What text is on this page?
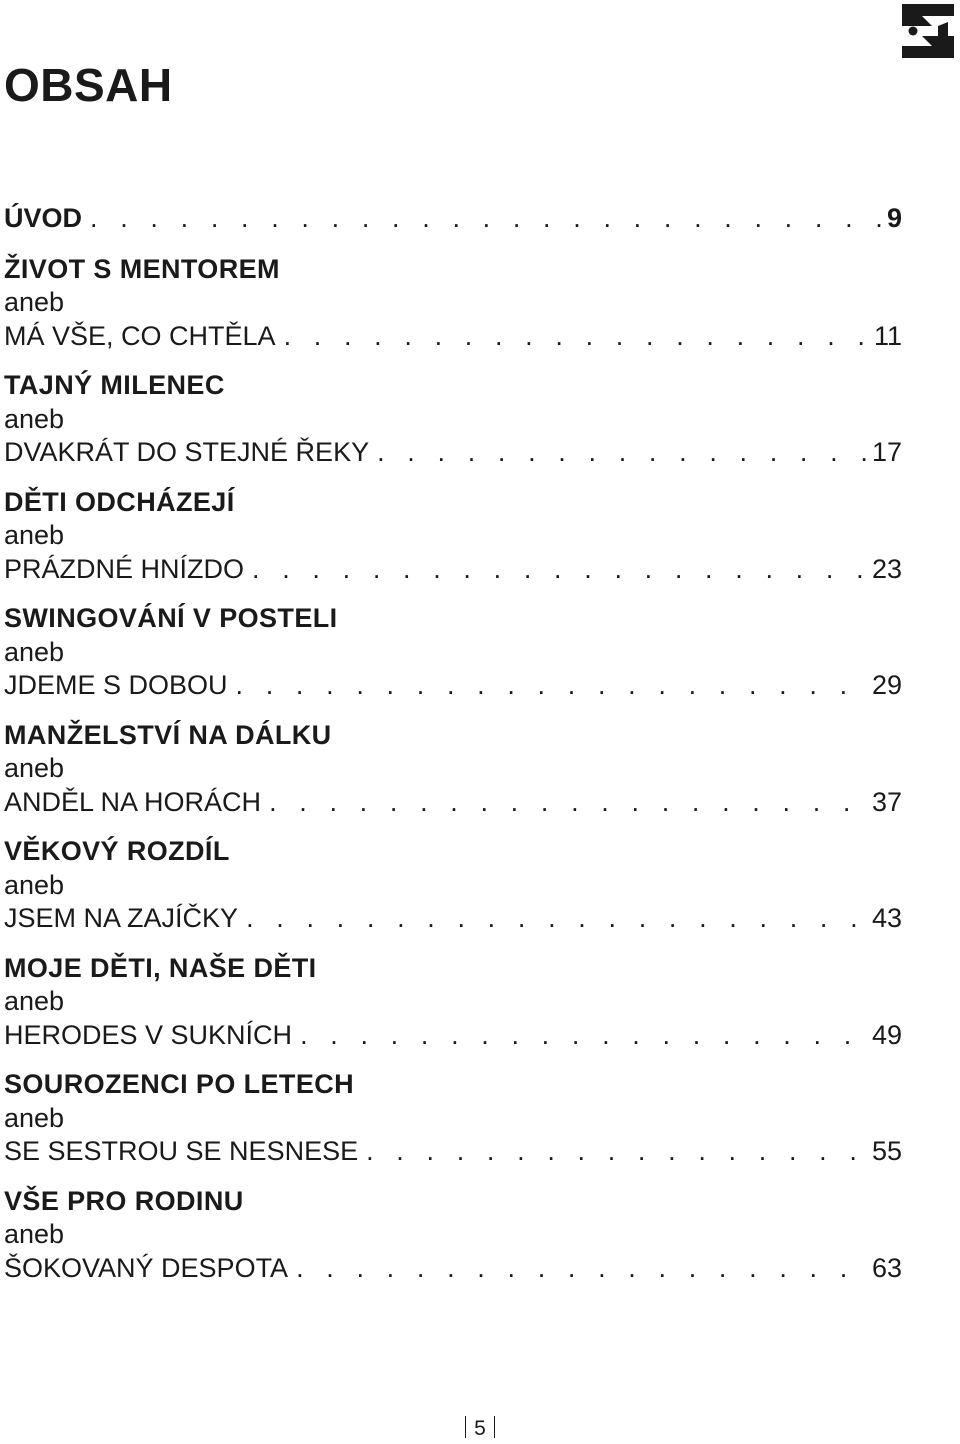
OBSAH
ÚVOD . . .	9
ŽIVOT S MENTOREM
aneb
MÁ VŠE, CO CHTĚLA . . .	11
TAJNÝ MILENEC
aneb
DVAKRÁT DO STEJNÉ ŘEKY . . .	17
DĚTI ODCHÁZEJÍ
aneb
PRÁZDNÉ HNÍZDO . . .	23
SWINGOVÁNÍ V POSTELI
aneb
JDEME S DOBOU . . .	29
MANŽELSTVÍ NA DÁLKU
aneb
ANDĚL NA HORÁCH . . .	37
VĚKOVÝ ROZDÍL
aneb
JSEM NA ZAJÍČKY . . .	43
MOJE DĚTI, NAŠE DĚTI
aneb
HERODES V SUKNÍCH . . .	49
SOUROZENCI PO LETECH
aneb
SE SESTROU SE NESNESE . . .	55
VŠE PRO RODINU
aneb
ŠOKOVANÝ DESPOTA . . .	63
5
